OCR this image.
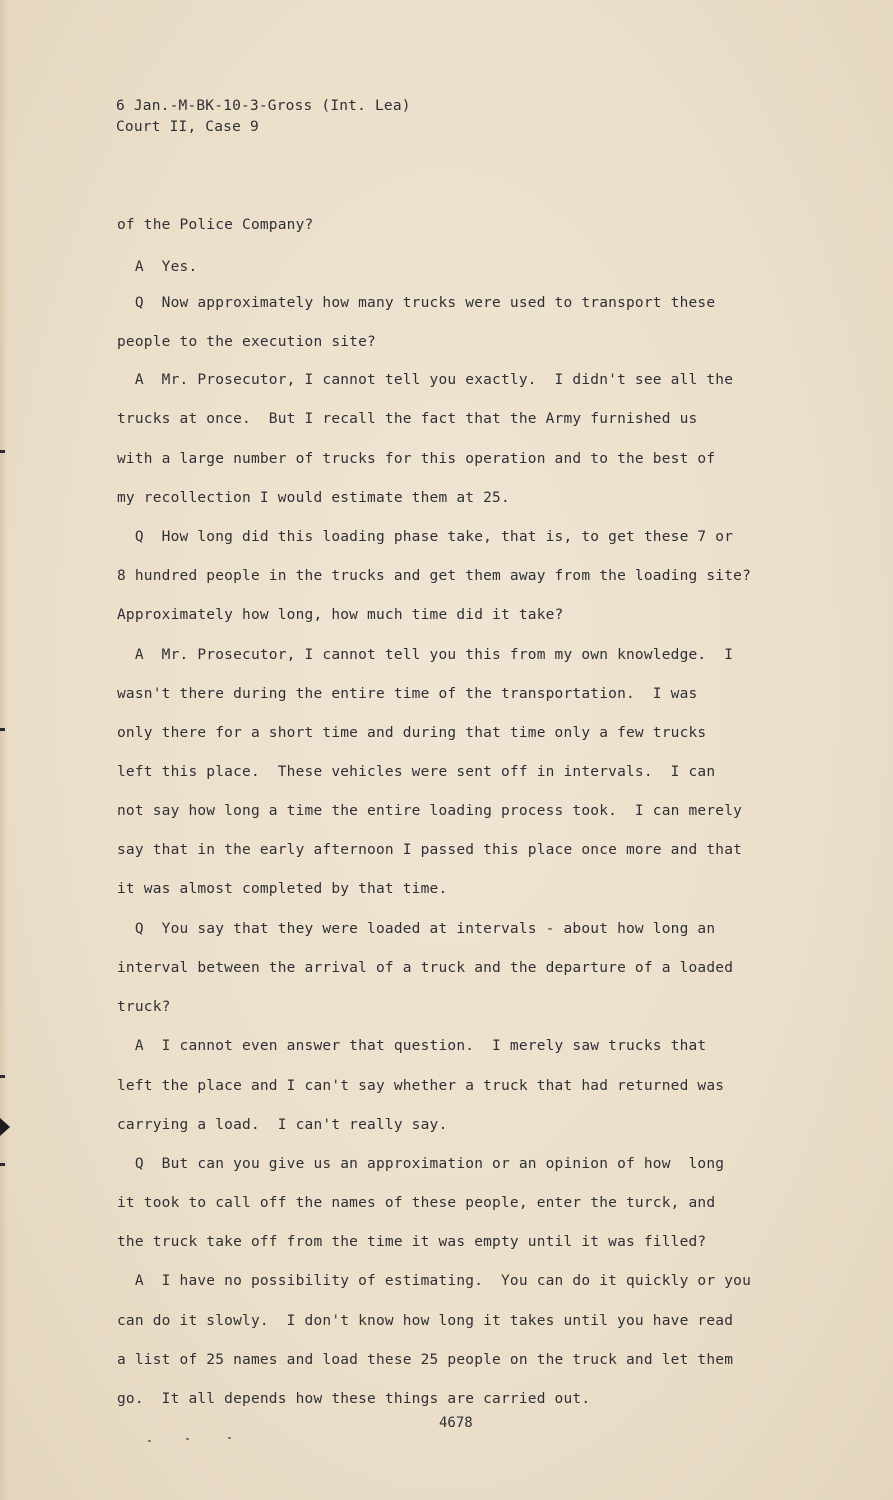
6 Jan.-M-BK-10-3-Gross (Int. Lea)
Court II, Case 9
of the Police Company?
A  Yes.
Q  Now approximately how many trucks were used to transport these
people to the execution site?
A  Mr. Prosecutor, I cannot tell you exactly.  I didn't see all the
trucks at once.  But I recall the fact that the Army furnished us
with a large number of trucks for this operation and to the best of
my recollection I would estimate them at 25.
Q  How long did this loading phase take, that is, to get these 7 or
8 hundred people in the trucks and get them away from the loading site?
Approximately how long, how much time did it take?
A  Mr. Prosecutor, I cannot tell you this from my own knowledge.  I
wasn't there during the entire time of the transportation.  I was
only there for a short time and during that time only a few trucks
left this place.  These vehicles were sent off in intervals.  I can
not say how long a time the entire loading process took.  I can merely
say that in the early afternoon I passed this place once more and that
it was almost completed by that time.
Q  You say that they were loaded at intervals - about how long an
interval between the arrival of a truck and the departure of a loaded
truck?
A  I cannot even answer that question.  I merely saw trucks that
left the place and I can't say whether a truck that had returned was
carrying a load.  I can't really say.
Q  But can you give us an approximation or an opinion of how  long
it took to call off the names of these people, enter the turck, and
the truck take off from the time it was empty until it was filled?
A  I have no possibility of estimating.  You can do it quickly or you
can do it slowly.  I don't know how long it takes until you have read
a list of 25 names and load these 25 people on the truck and let them
go.  It all depends how these things are carried out.
4678
